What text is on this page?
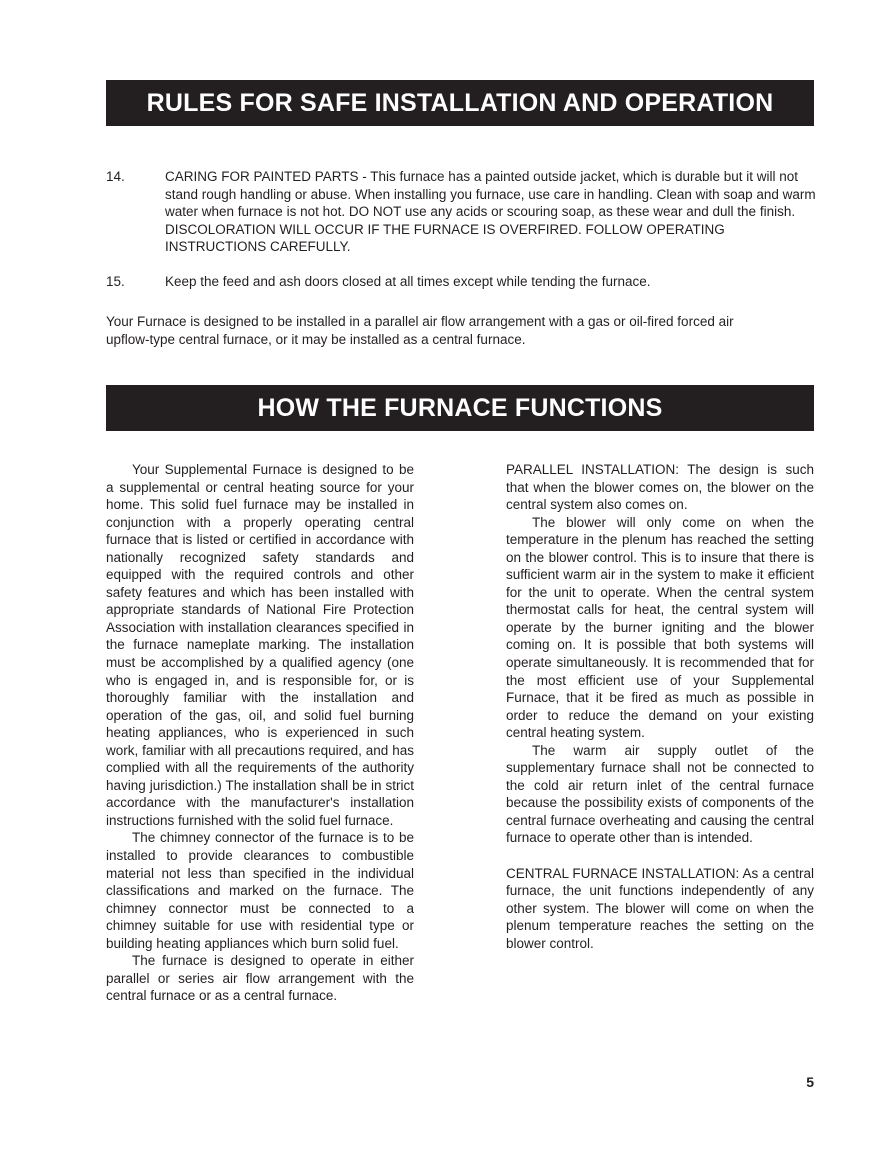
RULES FOR SAFE INSTALLATION AND OPERATION
14.	CARING FOR PAINTED PARTS - This furnace has a painted outside jacket, which is durable but it will not stand rough handling or abuse. When installing you furnace, use care in handling. Clean with soap and warm water when furnace is not hot. DO NOT use any acids or scouring soap, as these wear and dull the finish. DISCOLORATION WILL OCCUR IF THE FURNACE IS OVERFIRED. FOLLOW OPERATING INSTRUCTIONS CAREFULLY.
15.	Keep the feed and ash doors closed at all times except while tending the furnace.

Your Furnace is designed to be installed in a parallel air flow arrangement with a gas or oil-fired forced air upflow-type central furnace, or it may be installed as a central furnace.

HOW THE FURNACE FUNCTIONS

Your Supplemental Furnace is designed to be a supplemental or central heating source for your home. This solid fuel furnace may be installed in conjunction with a properly operating central furnace that is listed or certified in accordance with nationally recognized safety standards and equipped with the required controls and other safety features and which has been installed with appropriate standards of National Fire Protection Association with installation clearances specified in the furnace nameplate marking. The installation must be accomplished by a qualified agency (one who is engaged in, and is responsible for, or is thoroughly familiar with the installation and operation of the gas, oil, and solid fuel burning heating appliances, who is experienced in such work, familiar with all precautions required, and has complied with all the requirements of the authority having jurisdiction.) The installation shall be in strict accordance with the manufacturer's installation instructions furnished with the solid fuel furnace.

The chimney connector of the furnace is to be installed to provide clearances to combustible material not less than specified in the individual classifications and marked on the furnace. The chimney connector must be connected to a chimney suitable for use with residential type or building heating appliances which burn solid fuel.

The furnace is designed to operate in either parallel or series air flow arrangement with the central furnace or as a central furnace.

PARALLEL INSTALLATION: The design is such that when the blower comes on, the blower on the central system also comes on.

The blower will only come on when the temperature in the plenum has reached the setting on the blower control. This is to insure that there is sufficient warm air in the system to make it efficient for the unit to operate. When the central system thermostat calls for heat, the central system will operate by the burner igniting and the blower coming on. It is possible that both systems will operate simultaneously. It is recommended that for the most efficient use of your Supplemental Furnace, that it be fired as much as possible in order to reduce the demand on your existing central heating system.

The warm air supply outlet of the supplementary furnace shall not be connected to the cold air return inlet of the central furnace because the possibility exists of components of the central furnace overheating and causing the central furnace to operate other than is intended.

CENTRAL FURNACE INSTALLATION: As a central furnace, the unit functions independently of any other system. The blower will come on when the plenum temperature reaches the setting on the blower control.

5
